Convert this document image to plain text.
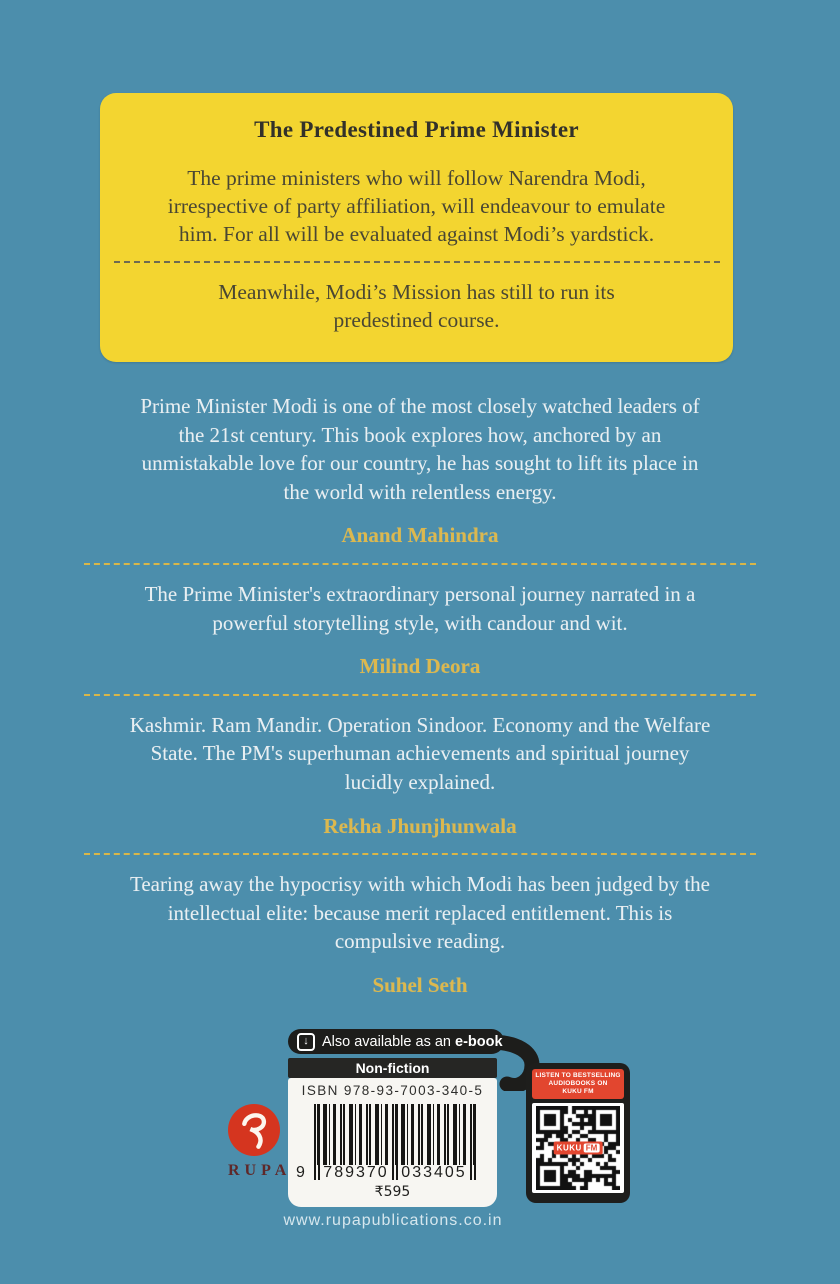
The Predestined Prime Minister
The prime ministers who will follow Narendra Modi,
irrespective of party affiliation, will endeavour to emulate
him. For all will be evaluated against Modi’s yardstick.
Meanwhile, Modi’s Mission has still to run its
predestined course.
Prime Minister Modi is one of the most closely watched leaders of
the 21st century. This book explores how, anchored by an
unmistakable love for our country, he has sought to lift its place in
the world with relentless energy.
Anand Mahindra
The Prime Minister's extraordinary personal journey narrated in a
powerful storytelling style, with candour and wit.
Milind Deora
Kashmir. Ram Mandir. Operation Sindoor. Economy and the Welfare
State. The PM's superhuman achievements and spiritual journey
lucidly explained.
Rekha Jhunjhunwala
Tearing away the hypocrisy with which Modi has been judged by the
intellectual elite: because merit replaced entitlement. This is
compulsive reading.
Suhel Seth
↓ Also available as an e-book
Non-fiction
ISBN 978-93-7003-340-5
9 789370 033405
₹595
RUPA
LISTEN TO BESTSELLING
AUDIOBOOKS ON
KUKU FM
KUKU FM
www.rupapublications.co.in
